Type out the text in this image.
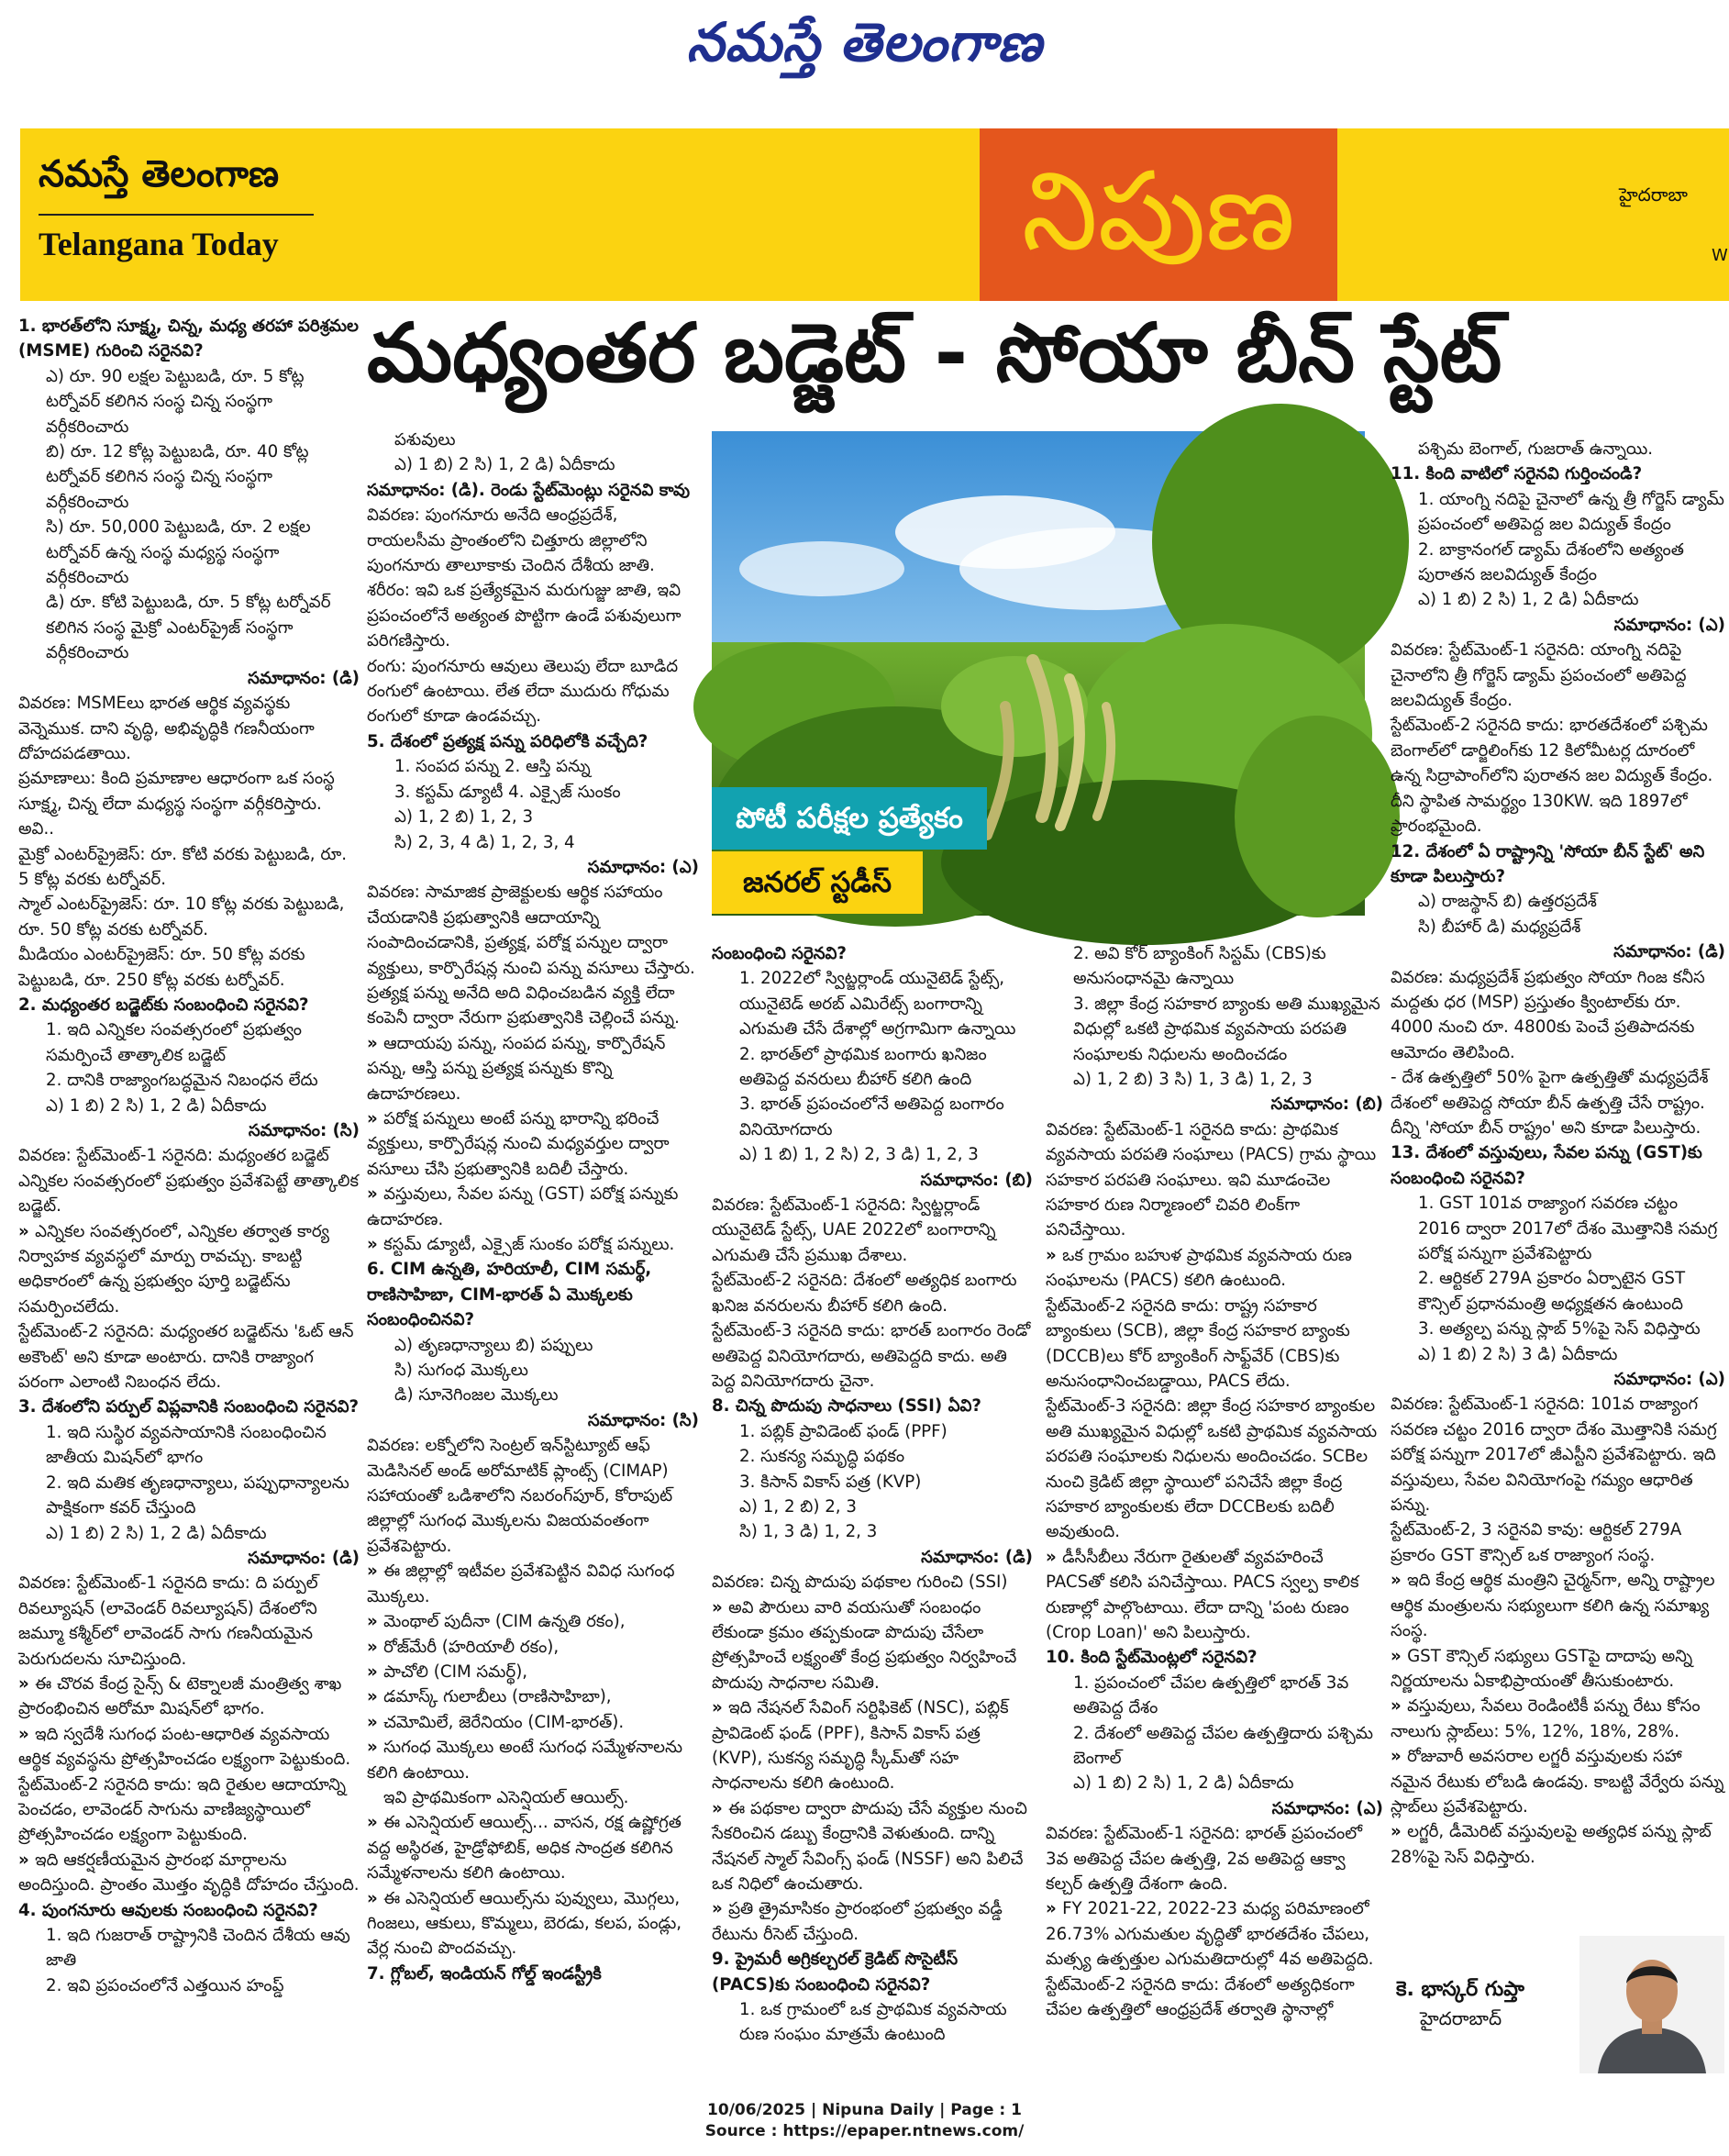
నమస్తే తెలంగాణ
నమస్తే తెలంగాణ
Telangana Today	నిపుణ	హైదరాబా
W
మధ్యంతర బడ్జెట్ - సోయా బీన్ స్టేట్

1. భారత్‌లోని సూక్ష్మ, చిన్న, మధ్య తరహా పరిశ్రమల (MSME) గురించి సరైనవి?

ఎ) రూ. 90 లక్షల పెట్టుబడి, రూ. 5 కోట్ల టర్నోవర్ కలిగిన సంస్థ చిన్న సంస్థగా వర్గీకరించారు

బి) రూ. 12 కోట్ల పెట్టుబడి, రూ. 40 కోట్ల టర్నోవర్ కలిగిన సంస్థ చిన్న సంస్థగా వర్గీకరించారు

సి) రూ. 50,000 పెట్టుబడి, రూ. 2 లక్షల టర్నోవర్ ఉన్న సంస్థ మధ్యస్థ సంస్థగా వర్గీకరించారు

డి) రూ. కోటి పెట్టుబడి, రూ. 5 కోట్ల టర్నోవర్ కలిగిన సంస్థ మైక్రో ఎంటర్‌ప్రైజ్ సంస్థగా వర్గీకరించారు

సమాధానం: (డి)

వివరణ: MSMEలు భారత ఆర్థిక వ్యవస్థకు వెన్నెముక. దాని వృద్ధి, అభివృద్ధికి గణనీయంగా దోహదపడతాయి.

ప్రమాణాలు: కింది ప్రమాణాల ఆధారంగా ఒక సంస్థ సూక్ష్మ, చిన్న లేదా మధ్యస్థ సంస్థగా వర్గీకరిస్తారు. అవి..

మైక్రో ఎంటర్‌ప్రైజెస్: రూ. కోటి వరకు పెట్టుబడి, రూ. 5 కోట్ల వరకు టర్నోవర్.

స్మాల్ ఎంటర్‌ప్రైజెస్: రూ. 10 కోట్ల వరకు పెట్టుబడి, రూ. 50 కోట్ల వరకు టర్నోవర్.

మీడియం ఎంటర్‌ప్రైజెస్: రూ. 50 కోట్ల వరకు పెట్టుబడి, రూ. 250 కోట్ల వరకు టర్నోవర్.

2. మధ్యంతర బడ్జెట్‌కు సంబంధించి సరైనవి?

1. ఇది ఎన్నికల సంవత్సరంలో ప్రభుత్వం సమర్పించే తాత్కాలిక బడ్జెట్

2. దానికి రాజ్యాంగబద్ధమైన నిబంధన లేదు

ఎ) 1 బి) 2 సి) 1, 2 డి) ఏదీకాదు

సమాధానం: (సి)

వివరణ: స్టేట్‌మెంట్-1 సరైనది: మధ్యంతర బడ్జెట్ ఎన్నికల సంవత్సరంలో ప్రభుత్వం ప్రవేశపెట్టే తాత్కాలిక బడ్జెట్.

» ఎన్నికల సంవత్సరంలో, ఎన్నికల తర్వాత కార్య నిర్వాహక వ్యవస్థలో మార్పు రావచ్చు. కాబట్టి అధికారంలో ఉన్న ప్రభుత్వం పూర్తి బడ్జెట్‌ను సమర్పించలేదు.

స్టేట్‌మెంట్-2 సరైనది: మధ్యంతర బడ్జెట్‌ను 'ఓట్ ఆన్ అకౌంట్' అని కూడా అంటారు. దానికి రాజ్యాంగ పరంగా ఎలాంటి నిబంధన లేదు.

3. దేశంలోని పర్పుల్ విప్లవానికి సంబంధించి సరైనవి?

1. ఇది సుస్థిర వ్యవసాయానికి సంబంధించిన జాతీయ మిషన్‌లో భాగం

2. ఇది మతిక తృణధాన్యాలు, పప్పుధాన్యాలను పాక్షికంగా కవర్ చేస్తుంది

ఎ) 1 బి) 2 సి) 1, 2 డి) ఏదీకాదు

సమాధానం: (డి)

వివరణ: స్టేట్‌మెంట్-1 సరైనది కాదు: ది పర్పుల్ రివల్యూషన్ (లావెండర్ రివల్యూషన్) దేశంలోని జమ్మూ కశ్మీర్‌లో లావెండర్ సాగు గణనీయమైన పెరుగుదలను సూచిస్తుంది.

» ఈ చొరవ కేంద్ర సైన్స్ & టెక్నాలజీ మంత్రిత్వ శాఖ ప్రారంభించిన అరోమా మిషన్‌లో భాగం.

» ఇది స్వదేశీ సుగంధ పంట-ఆధారిత వ్యవసాయ ఆర్థిక వ్యవస్థను ప్రోత్సహించడం లక్ష్యంగా పెట్టుకుంది.

స్టేట్‌మెంట్-2 సరైనది కాదు: ఇది రైతుల ఆదాయాన్ని పెంచడం, లావెండర్ సాగును వాణిజ్యస్థాయిలో ప్రోత్సహించడం లక్ష్యంగా పెట్టుకుంది.

» ఇది ఆకర్షణీయమైన ప్రారంభ మార్గాలను అందిస్తుంది. ప్రాంతం మొత్తం వృద్ధికి దోహదం చేస్తుంది.

4. పుంగనూరు ఆవులకు సంబంధించి సరైనవి?

1. ఇది గుజరాత్ రాష్ట్రానికి చెందిన దేశీయ ఆవు జాతి

2. ఇవి ప్రపంచంలోనే ఎత్తయిన హంప్డ్

పశువులు

ఎ) 1 బి) 2 సి) 1, 2 డి) ఏదీకాదు

సమాధానం: (డి). రెండు స్టేట్‌మెంట్లు సరైనవి కావు

వివరణ: పుంగనూరు అనేది ఆంధ్రప్రదేశ్, రాయలసీమ ప్రాంతంలోని చిత్తూరు జిల్లాలోని పుంగనూరు తాలూకాకు చెందిన దేశీయ జాతి.

శరీరం: ఇవి ఒక ప్రత్యేకమైన మరుగుజ్జు జాతి, ఇవి ప్రపంచంలోనే అత్యంత పొట్టిగా ఉండే పశువులుగా పరిగణిస్తారు.

రంగు: పుంగనూరు ఆవులు తెలుపు లేదా బూడిద రంగులో ఉంటాయి. లేత లేదా ముదురు గోధుమ రంగులో కూడా ఉండవచ్చు.

5. దేశంలో ప్రత్యక్ష పన్ను పరిధిలోకి వచ్చేది?

1. సంపద పన్ను 2. ఆస్తి పన్ను

3. కస్టమ్ డ్యూటీ 4. ఎక్సైజ్ సుంకం

ఎ) 1, 2 బి) 1, 2, 3

సి) 2, 3, 4 డి) 1, 2, 3, 4

సమాధానం: (ఎ)

వివరణ: సామాజిక ప్రాజెక్టులకు ఆర్థిక సహాయం చేయడానికి ప్రభుత్వానికి ఆదాయాన్ని సంపాదించడానికి, ప్రత్యక్ష, పరోక్ష పన్నుల ద్వారా వ్యక్తులు, కార్పొరేషన్ల నుంచి పన్ను వసూలు చేస్తారు. ప్రత్యక్ష పన్ను అనేది అది విధించబడిన వ్యక్తి లేదా కంపెనీ ద్వారా నేరుగా ప్రభుత్వానికి చెల్లించే పన్ను.

» ఆదాయపు పన్ను, సంపద పన్ను, కార్పొరేషన్ పన్ను, ఆస్తి పన్ను ప్రత్యక్ష పన్నుకు కొన్ని ఉదాహరణలు.

» పరోక్ష పన్నులు అంటే పన్ను భారాన్ని భరించే వ్యక్తులు, కార్పొరేషన్ల నుంచి మధ్యవర్తుల ద్వారా వసూలు చేసి ప్రభుత్వానికి బదిలీ చేస్తారు.

» వస్తువులు, సేవల పన్ను (GST) పరోక్ష పన్నుకు ఉదాహరణ.

» కస్టమ్ డ్యూటీ, ఎక్సైజ్ సుంకం పరోక్ష పన్నులు.

6. CIM ఉన్నతి, హరియాలీ, CIM సమర్థ్, రాణిసాహిబా, CIM-భారత్ ఏ మొక్కలకు సంబంధించినవి?

ఎ) తృణధాన్యాలు బి) పప్పులు

సి) సుగంధ మొక్కలు

డి) సూనెగింజల మొక్కలు

సమాధానం: (సి)

వివరణ: లక్నోలోని సెంట్రల్ ఇన్‌స్టిట్యూట్ ఆఫ్ మెడిసినల్ అండ్ అరోమాటిక్ ప్లాంట్స్ (CIMAP) సహాయంతో ఒడిశాలోని నబరంగ్‌పూర్, కోరాపుట్ జిల్లాల్లో సుగంధ మొక్కలను విజయవంతంగా ప్రవేశపెట్టారు.

» ఈ జిల్లాల్లో ఇటీవల ప్రవేశపెట్టిన వివిధ సుగంధ మొక్కలు.

» మెంథాల్ పుదీనా (CIM ఉన్నతి రకం),

» రోజ్‌మేరీ (హరియాలీ రకం),

» పాచోలి (CIM సమర్థ్),

» డమాస్క్ గులాబీలు (రాణిసాహిబా),

» చమోమిలే, జెరేనియం (CIM-భారత్).

» సుగంధ మొక్కలు అంటే సుగంధ సమ్మేళనాలను కలిగి ఉంటాయి.

ఇవి ప్రాథమికంగా ఎసెన్షియల్ ఆయిల్స్.

» ఈ ఎసెన్షియల్ ఆయిల్స్... వాసన, రక్ష ఉష్ణోగ్రత వద్ద అస్థిరత, హైడ్రోఫోబిక్, అధిక సాంద్రత కలిగిన సమ్మేళనాలను కలిగి ఉంటాయి.

» ఈ ఎసెన్షియల్ ఆయిల్స్‌ను పువ్వులు, మొగ్గలు, గింజలు, ఆకులు, కొమ్మలు, బెరడు, కలప, పండ్లు, వేర్ల నుంచి పొందవచ్చు.

7. గ్లోబల్, ఇండియన్ గోల్డ్ ఇండస్ట్రీకి

పోటీ పరీక్షల ప్రత్యేకం
జనరల్ స్టడీస్

సంబంధించి సరైనవి?

1. 2022లో స్విట్జర్లాండ్ యునైటెడ్ స్టేట్స్, యునైటెడ్ అరబ్ ఎమిరేట్స్ బంగారాన్ని ఎగుమతి చేసే దేశాల్లో అగ్రగామిగా ఉన్నాయి

2. భారత్‌లో ప్రాథమిక బంగారు ఖనిజం అతిపెద్ద వనరులు బీహార్ కలిగి ఉంది

3. భారత్ ప్రపంచంలోనే అతిపెద్ద బంగారం వినియోగదారు

ఎ) 1 బి) 1, 2 సి) 2, 3 డి) 1, 2, 3

సమాధానం: (బి)

వివరణ: స్టేట్‌మెంట్-1 సరైనది: స్విట్జర్లాండ్ యునైటెడ్ స్టేట్స్, UAE 2022లో బంగారాన్ని ఎగుమతి చేసే ప్రముఖ దేశాలు.

స్టేట్‌మెంట్-2 సరైనది: దేశంలో అత్యధిక బంగారు ఖనిజ వనరులను బీహార్ కలిగి ఉంది.

స్టేట్‌మెంట్-3 సరైనది కాదు: భారత్ బంగారం రెండో అతిపెద్ద వినియోగదారు, అతిపెద్దది కాదు. అతి పెద్ద వినియోగదారు చైనా.

8. చిన్న పొదుపు సాధనాలు (SSI) ఏవి?

1. పబ్లిక్ ప్రావిడెంట్ ఫండ్ (PPF)

2. సుకన్య సమృద్ధి పథకం

3. కిసాన్ వికాస్ పత్ర (KVP)

ఎ) 1, 2 బి) 2, 3

సి) 1, 3 డి) 1, 2, 3

సమాధానం: (డి)

వివరణ: చిన్న పొదుపు పథకాల గురించి (SSI)

» అవి పౌరులు వారి వయసుతో సంబంధం లేకుండా క్రమం తప్పకుండా పొదుపు చేసేలా ప్రోత్సహించే లక్ష్యంతో కేంద్ర ప్రభుత్వం నిర్వహించే పొదుపు సాధనాల సమితి.

» ఇది నేషనల్ సేవింగ్ సర్టిఫికెట్ (NSC), పబ్లిక్ ప్రావిడెంట్ ఫండ్ (PPF), కిసాన్ వికాస్ పత్ర (KVP), సుకన్య సమృద్ధి స్కీమ్‌తో సహ సాధనాలను కలిగి ఉంటుంది.

» ఈ పథకాల ద్వారా పొదుపు చేసే వ్యక్తుల నుంచి సేకరించిన డబ్బు కేంద్రానికి వెళుతుంది. దాన్ని నేషనల్ స్మాల్ సేవింగ్స్ ఫండ్ (NSSF) అని పిలిచే ఒక నిధిలో ఉంచుతారు.

» ప్రతి త్రైమాసికం ప్రారంభంలో ప్రభుత్వం వడ్డీ రేటును రీసెట్ చేస్తుంది.

9. ప్రైమరీ అగ్రికల్చరల్ క్రెడిట్ సొసైటీస్ (PACS)కు సంబంధించి సరైనవి?

1. ఒక గ్రామంలో ఒక ప్రాథమిక వ్యవసాయ రుణ సంఘం మాత్రమే ఉంటుంది

2. అవి కోర్ బ్యాంకింగ్ సిస్టమ్ (CBS)కు అనుసంధానమై ఉన్నాయి

3. జిల్లా కేంద్ర సహకార బ్యాంకు అతి ముఖ్యమైన విధుల్లో ఒకటి ప్రాథమిక వ్యవసాయ పరపతి సంఘాలకు నిధులను అందించడం

ఎ) 1, 2 బి) 3 సి) 1, 3 డి) 1, 2, 3

సమాధానం: (బి)

వివరణ: స్టేట్‌మెంట్-1 సరైనది కాదు: ప్రాథమిక వ్యవసాయ పరపతి సంఘాలు (PACS) గ్రామ స్థాయి సహకార పరపతి సంఘాలు. ఇవి మూడంచెల సహకార రుణ నిర్మాణంలో చివరి లింక్‌గా పనిచేస్తాయి.

» ఒక గ్రామం బహుళ ప్రాథమిక వ్యవసాయ రుణ సంఘాలను (PACS) కలిగి ఉంటుంది.

స్టేట్‌మెంట్-2 సరైనది కాదు: రాష్ట్ర సహకార బ్యాంకులు (SCB), జిల్లా కేంద్ర సహకార బ్యాంకు (DCCB)లు కోర్ బ్యాంకింగ్ సాఫ్ట్‌వేర్ (CBS)కు అనుసంధానించబడ్డాయి, PACS లేదు.

స్టేట్‌మెంట్-3 సరైనది: జిల్లా కేంద్ర సహకార బ్యాంకుల అతి ముఖ్యమైన విధుల్లో ఒకటి ప్రాథమిక వ్యవసాయ పరపతి సంఘాలకు నిధులను అందించడం. SCBల నుంచి క్రెడిట్ జిల్లా స్థాయిలో పనిచేసే జిల్లా కేంద్ర సహకార బ్యాంకులకు లేదా DCCBలకు బదిలీ అవుతుంది.

» డీసీసీబీలు నేరుగా రైతులతో వ్యవహరించే PACSతో కలిసి పనిచేస్తాయి. PACS స్వల్ప కాలిక రుణాల్లో పాల్గొంటాయి. లేదా దాన్ని 'పంట రుణం (Crop Loan)' అని పిలుస్తారు.

10. కింది స్టేట్‌మెంట్లలో సరైనవి?

1. ప్రపంచంలో చేపల ఉత్పత్తిలో భారత్ 3వ అతిపెద్ద దేశం

2. దేశంలో అతిపెద్ద చేపల ఉత్పత్తిదారు పశ్చిమ బెంగాల్

ఎ) 1 బి) 2 సి) 1, 2 డి) ఏదీకాదు

సమాధానం: (ఎ)

వివరణ: స్టేట్‌మెంట్-1 సరైనది: భారత్ ప్రపంచంలో 3వ అతిపెద్ద చేపల ఉత్పత్తి, 2వ అతిపెద్ద ఆక్వా కల్చర్ ఉత్పత్తి దేశంగా ఉంది.

» FY 2021-22, 2022-23 మధ్య పరిమాణంలో 26.73% ఎగుమతుల వృద్ధితో భారతదేశం చేపలు, మత్స్య ఉత్పత్తుల ఎగుమతిదారుల్లో 4వ అతిపెద్దది.

స్టేట్‌మెంట్-2 సరైనది కాదు: దేశంలో అత్యధికంగా చేపల ఉత్పత్తిలో ఆంధ్రప్రదేశ్ తర్వాతి స్థానాల్లో

పశ్చిమ బెంగాల్, గుజరాత్ ఉన్నాయి.

11. కింది వాటిలో సరైనవి గుర్తించండి?

1. యాంగ్ని నదిపై చైనాలో ఉన్న త్రీ గోర్జెస్ డ్యామ్ ప్రపంచంలో అతిపెద్ద జల విద్యుత్ కేంద్రం

2. బాక్రానంగల్ డ్యామ్ దేశంలోని అత్యంత పురాతన జలవిద్యుత్ కేంద్రం

ఎ) 1 బి) 2 సి) 1, 2 డి) ఏదీకాదు

సమాధానం: (ఎ)

వివరణ: స్టేట్‌మెంట్-1 సరైనది: యాంగ్ని నదిపై చైనాలోని త్రీ గోర్జెస్ డ్యామ్ ప్రపంచంలో అతిపెద్ద జలవిద్యుత్ కేంద్రం.

స్టేట్‌మెంట్-2 సరైనది కాదు: భారతదేశంలో పశ్చిమ బెంగాల్‌లో డార్జిలింగ్‌కు 12 కిలోమీటర్ల దూరంలో ఉన్న సిద్రాపాంగ్‌లోని పురాతన జల విద్యుత్ కేంద్రం. దీని స్థాపిత సామర్థ్యం 130KW. ఇది 1897లో ప్రారంభమైంది.

12. దేశంలో ఏ రాష్ట్రాన్ని 'సోయా బీన్ స్టేట్' అని కూడా పిలుస్తారు?

ఎ) రాజస్థాన్ బి) ఉత్తరప్రదేశ్

సి) బీహార్ డి) మధ్యప్రదేశ్

సమాధానం: (డి)

వివరణ: మధ్యప్రదేశ్ ప్రభుత్వం సోయా గింజ కనీస మద్దతు ధర (MSP) ప్రస్తుతం క్వింటాల్‌కు రూ. 4000 నుంచి రూ. 4800కు పెంచే ప్రతిపాదనకు ఆమోదం తెలిపింది.

- దేశ ఉత్పత్తిలో 50% పైగా ఉత్పత్తితో మధ్యప్రదేశ్ దేశంలో అతిపెద్ద సోయా బీన్ ఉత్పత్తి చేసే రాష్ట్రం. దీన్ని 'సోయా బీన్ రాష్ట్రం' అని కూడా పిలుస్తారు.

13. దేశంలో వస్తువులు, సేవల పన్ను (GST)కు సంబంధించి సరైనవి?

1. GST 101వ రాజ్యాంగ సవరణ చట్టం 2016 ద్వారా 2017లో దేశం మొత్తానికి సమగ్ర పరోక్ష పన్నుగా ప్రవేశపెట్టారు

2. ఆర్టికల్ 279A ప్రకారం ఏర్పాటైన GST కౌన్సిల్ ప్రధానమంత్రి అధ్యక్షతన ఉంటుంది

3. అత్యల్ప పన్ను స్లాబ్ 5%పై సెస్ విధిస్తారు

ఎ) 1 బి) 2 సి) 3 డి) ఏదీకాదు

సమాధానం: (ఎ)

వివరణ: స్టేట్‌మెంట్-1 సరైనది: 101వ రాజ్యాంగ సవరణ చట్టం 2016 ద్వారా దేశం మొత్తానికి సమగ్ర పరోక్ష పన్నుగా 2017లో జీఎస్టీని ప్రవేశపెట్టారు. ఇది వస్తువులు, సేవల వినియోగంపై గమ్యం ఆధారిత పన్ను.

స్టేట్‌మెంట్-2, 3 సరైనవి కావు: ఆర్టికల్ 279A ప్రకారం GST కౌన్సిల్ ఒక రాజ్యాంగ సంస్థ.

» ఇది కేంద్ర ఆర్థిక మంత్రిని చైర్మన్‌గా, అన్ని రాష్ట్రాల ఆర్థిక మంత్రులను సభ్యులుగా కలిగి ఉన్న సమాఖ్య సంస్థ.

» GST కౌన్సిల్ సభ్యులు GSTపై దాదాపు అన్ని నిర్ణయాలను ఏకాభిప్రాయంతో తీసుకుంటారు.

» వస్తువులు, సేవలు రెండింటికీ పన్ను రేటు కోసం నాలుగు స్లాబ్‌లు: 5%, 12%, 18%, 28%.

» రోజువారీ అవసరాల లగ్జరీ వస్తువులకు సహా నమైన రేటుకు లోబడి ఉండవు. కాబట్టి వేర్వేరు పన్ను స్లాబ్‌లు ప్రవేశపెట్టారు.

» లగ్జరీ, డీమెరిట్ వస్తువులపై అత్యధిక పన్ను స్లాబ్ 28%పై సెస్ విధిస్తారు.

కె. భాస్కర్ గుప్తా
హైదరాబాద్
10/06/2025 | Nipuna Daily | Page : 1
Source : https://epaper.ntnews.com/
